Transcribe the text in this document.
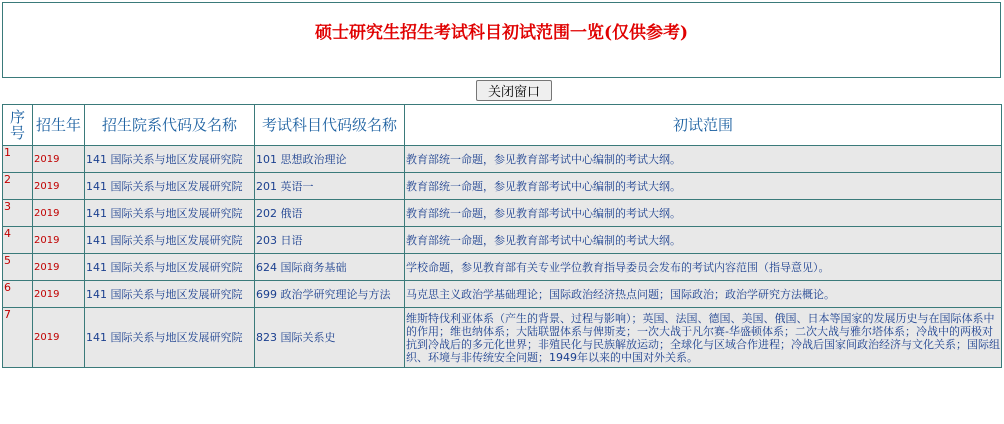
硕士研究生招生考试科目初试范围一览(仅供参考)
关闭窗口
序号	招生年	招生院系代码及名称	考试科目代码级名称	初试范围
1	2019	141 国际关系与地区发展研究院	101 思想政治理论	教育部统一命题，参见教育部考试中心编制的考试大纲。
2	2019	141 国际关系与地区发展研究院	201 英语一	教育部统一命题，参见教育部考试中心编制的考试大纲。
3	2019	141 国际关系与地区发展研究院	202 俄语	教育部统一命题，参见教育部考试中心编制的考试大纲。
4	2019	141 国际关系与地区发展研究院	203 日语	教育部统一命题，参见教育部考试中心编制的考试大纲。
5	2019	141 国际关系与地区发展研究院	624 国际商务基础	学校命题，参见教育部有关专业学位教育指导委员会发布的考试内容范围（指导意见）。
6	2019	141 国际关系与地区发展研究院	699 政治学研究理论与方法	马克思主义政治学基础理论；国际政治经济热点问题；国际政治；政治学研究方法概论。
7	2019	141 国际关系与地区发展研究院	823 国际关系史	维斯特伐利亚体系（产生的背景、过程与影响）；英国、法国、德国、美国、俄国、日本等国家的发展历史与在国际体系中的作用；维也纳体系；大陆联盟体系与俾斯麦；一次大战于凡尔赛-华盛顿体系；二次大战与雅尔塔体系；冷战中的两极对抗到冷战后的多元化世界；非殖民化与民族解放运动；全球化与区域合作进程；冷战后国家间政治经济与文化关系；国际组织、环境与非传统安全问题；1949年以来的中国对外关系。
